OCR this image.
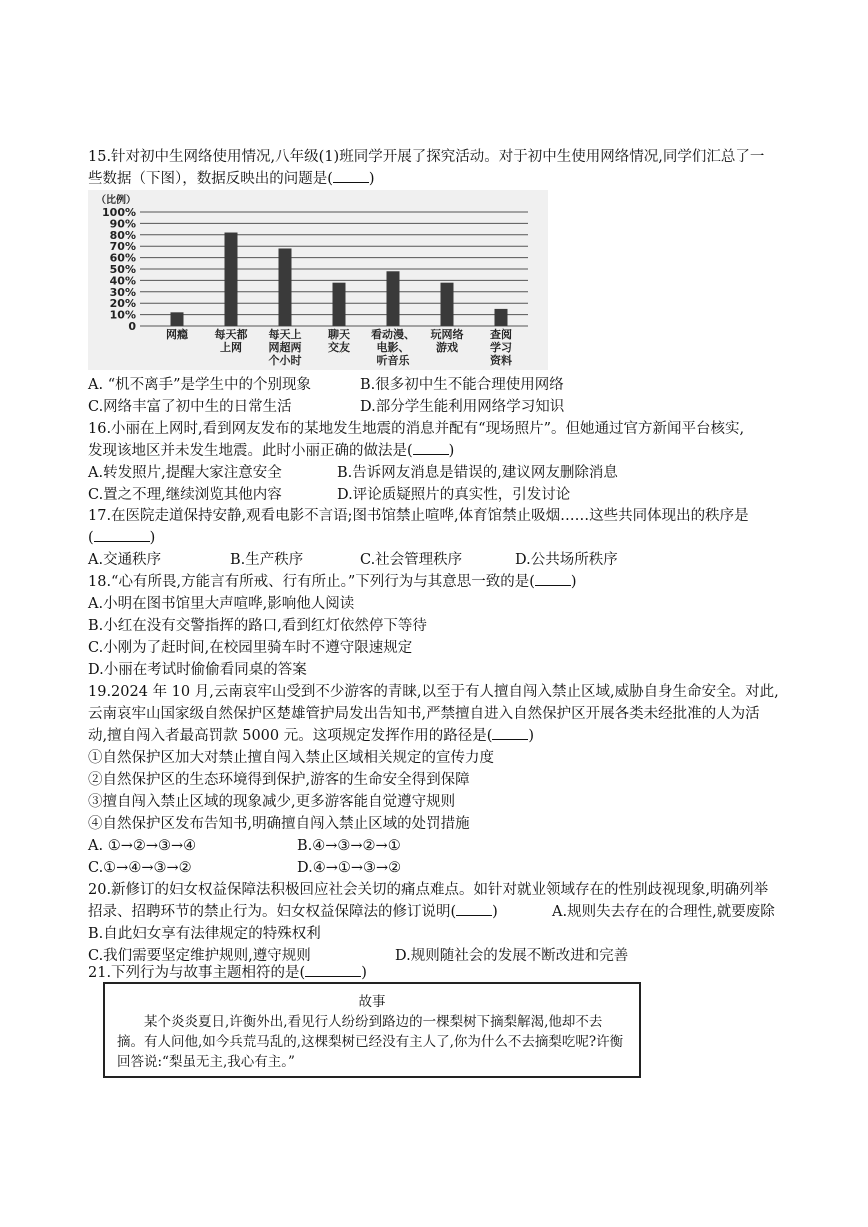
15.针对初中生网络使用情况,八年级(1)班同学开展了探究活动。对于初中生使用网络情况,同学们汇总了一
些数据（下图），数据反映出的问题是( )
0
10%
20%
30%
40%
50%
60%
70%
80%
90%
100%
网瘾 每天都
上网
每天上
网超两
个小时
聊天
交友
看动漫、
电影、
听音乐
玩网络
游戏
查阅
学习
资料
（比例）
A. “机不离手”是学生中的个别现象	B.很多初中生不能合理使用网络
C.网络丰富了初中生的日常生活	D.部分学生能利用网络学习知识
16.小丽在上网时,看到网友发布的某地发生地震的消息并配有“现场照片”。但她通过官方新闻平台核实,
发现该地区并未发生地震。此时小丽正确的做法是( )
A.转发照片,提醒大家注意安全	B.告诉网友消息是错误的,建议网友删除消息
C.置之不理,继续浏览其他内容	D.评论质疑照片的真实性，引发讨论
17.在医院走道保持安静,观看电影不言语;图书馆禁止喧哗,体育馆禁止吸烟……这些共同体现出的秩序是
(	)
A.交通秩序	B.生产秩序	C.社会管理秩序	D.公共场所秩序
18.“心有所畏,方能言有所戒、行有所止。”下列行为与其意思一致的是( )
A.小明在图书馆里大声喧哗,影响他人阅读
B.小红在没有交警指挥的路口,看到红灯依然停下等待
C.小刚为了赶时间,在校园里骑车时不遵守限速规定
D.小丽在考试时偷偷看同桌的答案
19.2024 年 10 月,云南哀牢山受到不少游客的青睐,以至于有人擅自闯入禁止区域,威胁自身生命安全。对此,
云南哀牢山国家级自然保护区楚雄管护局发出告知书,严禁擅自进入自然保护区开展各类未经批准的人为活
动,擅自闯入者最高罚款 5000 元。这项规定发挥作用的路径是( )
①自然保护区加大对禁止擅自闯入禁止区域相关规定的宣传力度
②自然保护区的生态环境得到保护,游客的生命安全得到保障
③擅自闯入禁止区域的现象减少,更多游客能自觉遵守规则
④自然保护区发布告知书,明确擅自闯入禁止区域的处罚措施
A. ①→②→③→④	B.④→③→②→①
C.①→④→③→②	D.④→①→③→②
20.新修订的妇女权益保障法积极回应社会关切的痛点难点。如针对就业领域存在的性别歧视现象,明确列举
招录、招聘环节的禁止行为。妇女权益保障法的修订说明( )	A.规则失去存在的合理性,就要废除
B.自此妇女享有法律规定的特殊权利
C.我们需要坚定维护规则,遵守规则	D.规则随社会的发展不断改进和完善
21.下列行为与故事主题相符的是(	)
故事
某个炎炎夏日,许衡外出,看见行人纷纷到路边的一棵梨树下摘梨解渴,他却不去摘。有人问他,如今兵荒马乱的,这棵梨树已经没有主人了,你为什么不去摘梨吃呢?许衡回答说:“梨虽无主,我心有主。”
